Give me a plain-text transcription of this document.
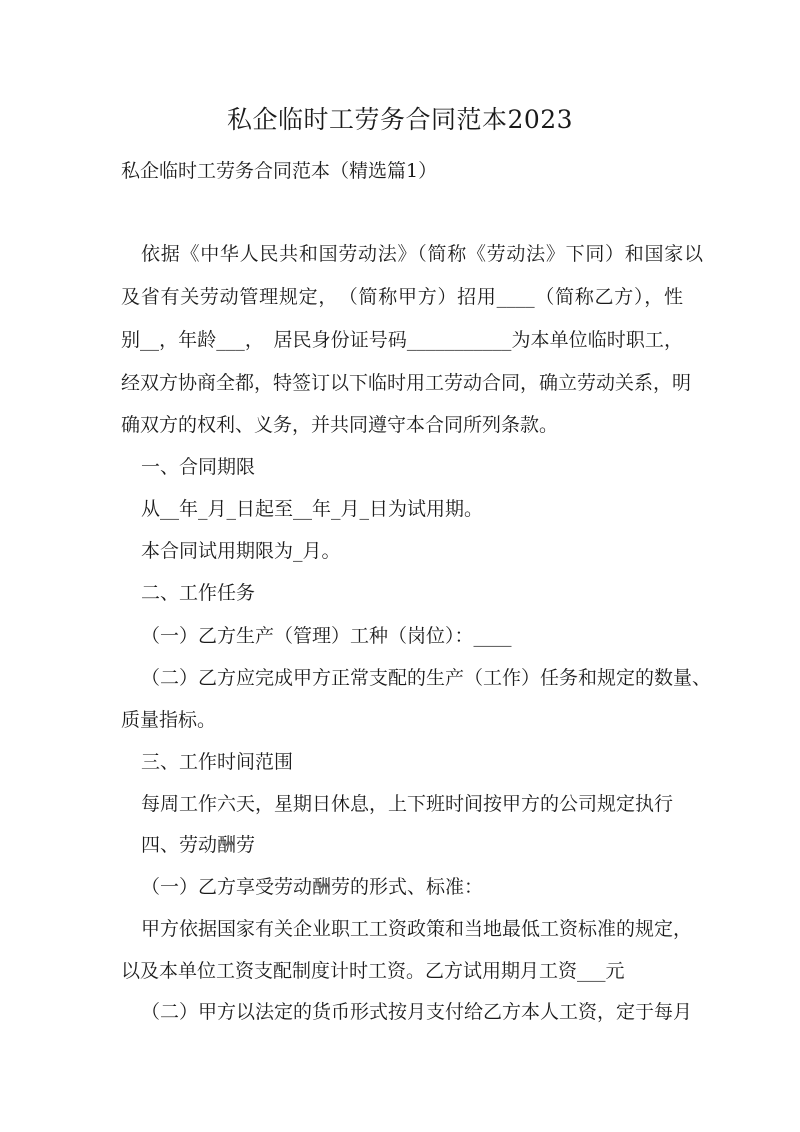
私企临时工劳务合同范本2023
私企临时工劳务合同范本（精选篇1）
依据《中华人民共和国劳动法》（简称《劳动法》下同）和国家以
及省有关劳动管理规定，　（简称甲方）招用____（简称乙方），性
别__，年龄___，　居民身份证号码___________为本单位临时职工，
经双方协商全都，特签订以下临时用工劳动合同，确立劳动关系，明
确双方的权利、义务，并共同遵守本合同所列条款。
一、合同期限
从__年_月_日起至__年_月_日为试用期。
本合同试用期限为_月。
二、工作任务
（一）乙方生产（管理）工种（岗位）：____
（二）乙方应完成甲方正常支配的生产（工作）任务和规定的数量、
质量指标。
三、工作时间范围
每周工作六天，星期日休息，上下班时间按甲方的公司规定执行
四、劳动酬劳
（一）乙方享受劳动酬劳的形式、标准：
甲方依据国家有关企业职工工资政策和当地最低工资标准的规定，
以及本单位工资支配制度计时工资。乙方试用期月工资___元
（二）甲方以法定的货币形式按月支付给乙方本人工资，定于每月
